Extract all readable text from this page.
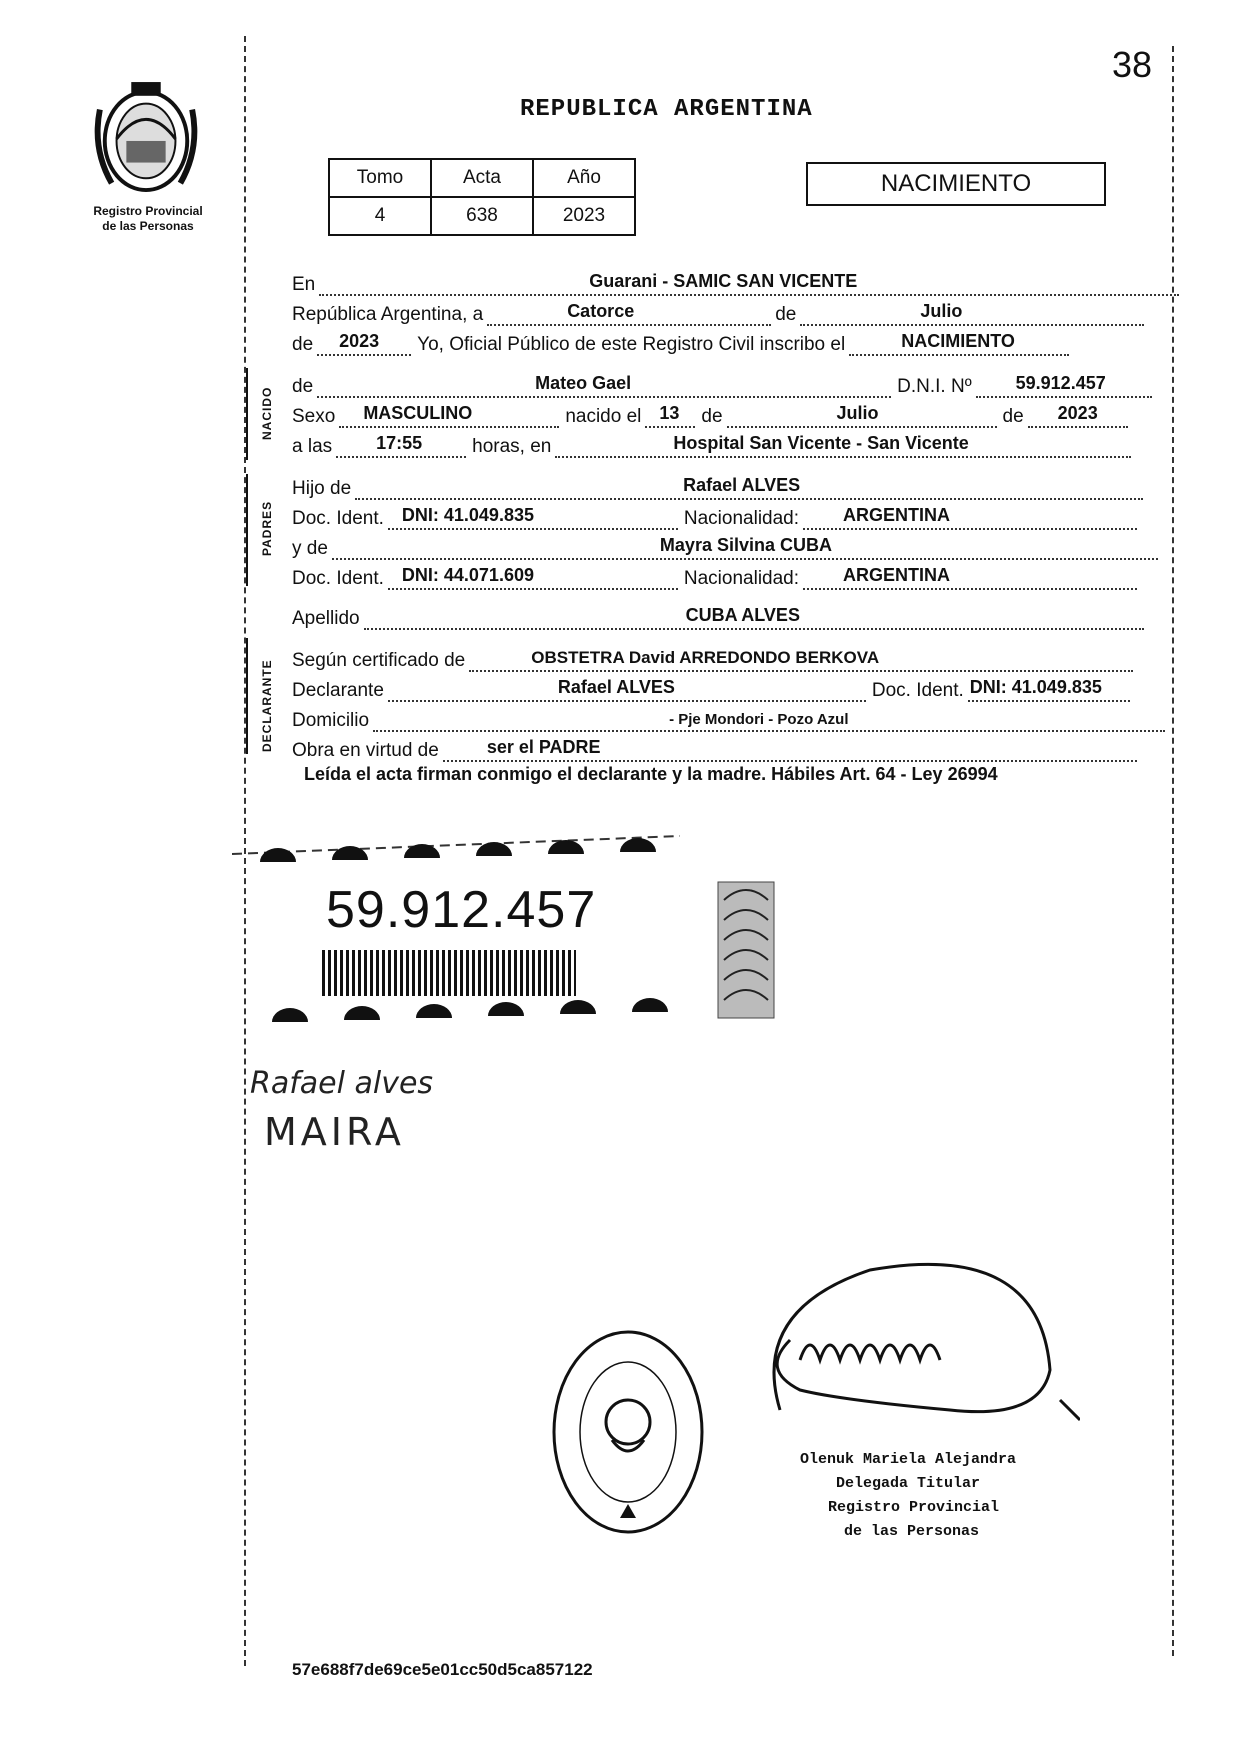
38
Registro Provincial
de las Personas
REPUBLICA ARGENTINA
Tomo	Acta	Año
4	638	2023
NACIMIENTO
NACIDO
PADRES
DECLARANTE
En	Guarani - SAMIC SAN VICENTE
República Argentina, a	Catorce	de	Julio
de 2023 Yo, Oficial Público de este Registro Civil inscribo el	NACIMIENTO
de	Mateo Gael	D.N.I. Nº 59.912.457
Sexo MASCULINO	nacido el 13 de	Julio	de 2023
a las 17:55	horas, en	Hospital San Vicente - San Vicente
Hijo de	Rafael ALVES
Doc. Ident. DNI: 41.049.835	Nacionalidad: ARGENTINA
y de	Mayra Silvina CUBA
Doc. Ident. DNI: 44.071.609	Nacionalidad: ARGENTINA
Apellido	CUBA ALVES
Según certificado de	OBSTETRA David ARREDONDO BERKOVA
Declarante	Rafael ALVES	Doc. Ident. DNI: 41.049.835
Domicilio	- Pje Mondori - Pozo Azul
Obra en virtud de	ser el PADRE
Leída el acta firman conmigo el declarante y la madre. Hábiles Art. 64 - Ley 26994
59.912.457
Rafael alves
MAIRA
Olenuk Mariela Alejandra
Delegada Titular
Registro Provincial
de las Personas
57e688f7de69ce5e01cc50d5ca857122
